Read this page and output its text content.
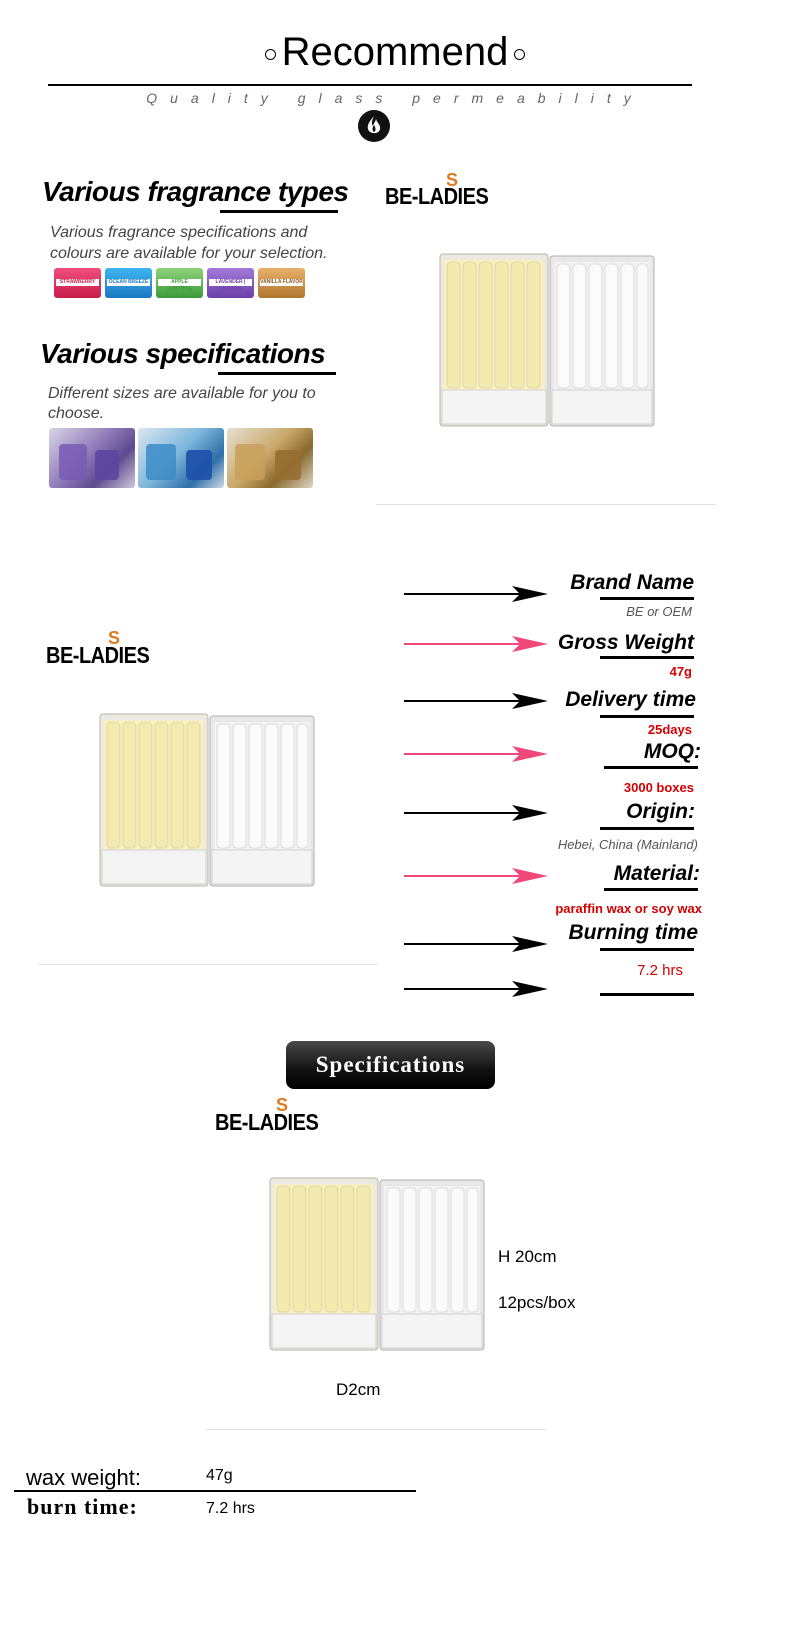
Recommend
Quality glass permeability
Various fragrance types
Various fragrance specifications and
colours are available for your selection.
STRAWBERRY	OCEAN BREEZE	APPLE SURPRISE
LAVENDER | LAVANDE
VANILLA FLAVOR
Various specifications
Different sizes are available for you to
choose.
S
BE-LADIES
S
BE-LADIES
Brand Name
BE or OEM
Gross Weight
47g
Delivery time
25days
MOQ:
3000 boxes
Origin:
Hebei, China (Mainland)
Material:
paraffin wax or soy wax
Burning time
7.2 hrs
Specifications
S
BE-LADIES
H 20cm
12pcs/box
D2cm
wax weight:	47g
burn time:	7.2 hrs
